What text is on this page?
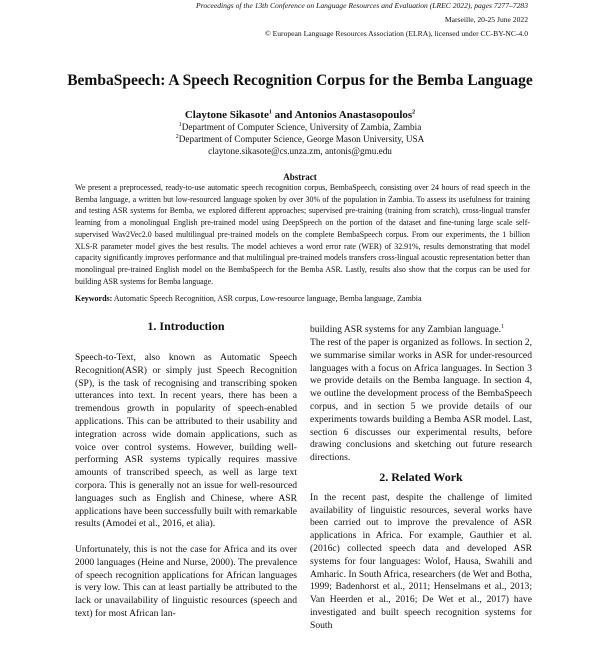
Proceedings of the 13th Conference on Language Resources and Evaluation (LREC 2022), pages 7277–7283
Marseille, 20-25 June 2022
© European Language Resources Association (ELRA), licensed under CC-BY-NC-4.0
BembaSpeech: A Speech Recognition Corpus for the Bemba Language
Claytone Sikasote$^1$ and Antonios Anastasopoulos$^2$
$^1$Department of Computer Science, University of Zambia, Zambia
$^2$Department of Computer Science, George Mason University, USA
claytone.sikasote@cs.unza.zm, antonis@gmu.edu
Abstract
We present a preprocessed, ready-to-use automatic speech recognition corpus, BembaSpeech, consisting over 24 hours of read speech in the Bemba language, a written but low-resourced language spoken by over 30% of the population in Zambia. To assess its usefulness for training and testing ASR systems for Bemba, we explored different approaches; supervised pre-training (training from scratch), cross-lingual transfer learning from a monolingual English pre-trained model using DeepSpeech on the portion of the dataset and fine-tuning large scale self-supervised Wav2Vec2.0 based multilingual pre-trained models on the complete BembaSpeech corpus. From our experiments, the 1 billion XLS-R parameter model gives the best results. The model achieves a word error rate (WER) of 32.91%, results demonstrating that model capacity significantly improves performance and that multilingual pre-trained models transfers cross-lingual acoustic representation better than monolingual pre-trained English model on the BembaSpeech for the Bemba ASR. Lastly, results also show that the corpus can be used for building ASR systems for Bemba language.
Keywords: Automatic Speech Recognition, ASR corpus, Low-resource language, Bemba language, Zambia
1. Introduction

Speech-to-Text, also known as Automatic Speech Recognition(ASR) or simply just Speech Recognition (SP), is the task of recognising and transcribing spoken utterances into text. In recent years, there has been a tremendous growth in popularity of speech-enabled applications. This can be attributed to their usability and integration across wide domain applications, such as voice over control systems. However, building well-performing ASR systems typically requires massive amounts of transcribed speech, as well as large text corpora. This is generally not an issue for well-resourced languages such as English and Chinese, where ASR applications have been successfully built with remarkable results (Amodei et al., 2016, et alia).

Unfortunately, this is not the case for Africa and its over 2000 languages (Heine and Nurse, 2000). The prevalence of speech recognition applications for African languages is very low. This can at least partially be attributed to the lack or unavailability of linguistic resources (speech and text) for most African lan-

building ASR systems for any Zambian language.$^1$

The rest of the paper is organized as follows. In section 2, we summarise similar works in ASR for under-resourced languages with a focus on Africa languages. In Section 3 we provide details on the Bemba language. In section 4, we outline the development process of the BembaSpeech corpus, and in section 5 we provide details of our experiments towards building a Bemba ASR model. Last, section 6 discusses our experimental results, before drawing conclusions and sketching out future research directions.

2. Related Work

In the recent past, despite the challenge of limited availability of linguistic resources, several works have been carried out to improve the prevalence of ASR applications in Africa. For example, Gauthier et al. (2016c) collected speech data and developed ASR systems for four languages: Wolof, Hausa, Swahili and Amharic. In South Africa, researchers (de Wet and Botha, 1999; Badenhorst et al., 2011; Henselmans et al., 2013; Van Heerden et al., 2016; De Wet et al., 2017) have investigated and built speech recognition systems for South
